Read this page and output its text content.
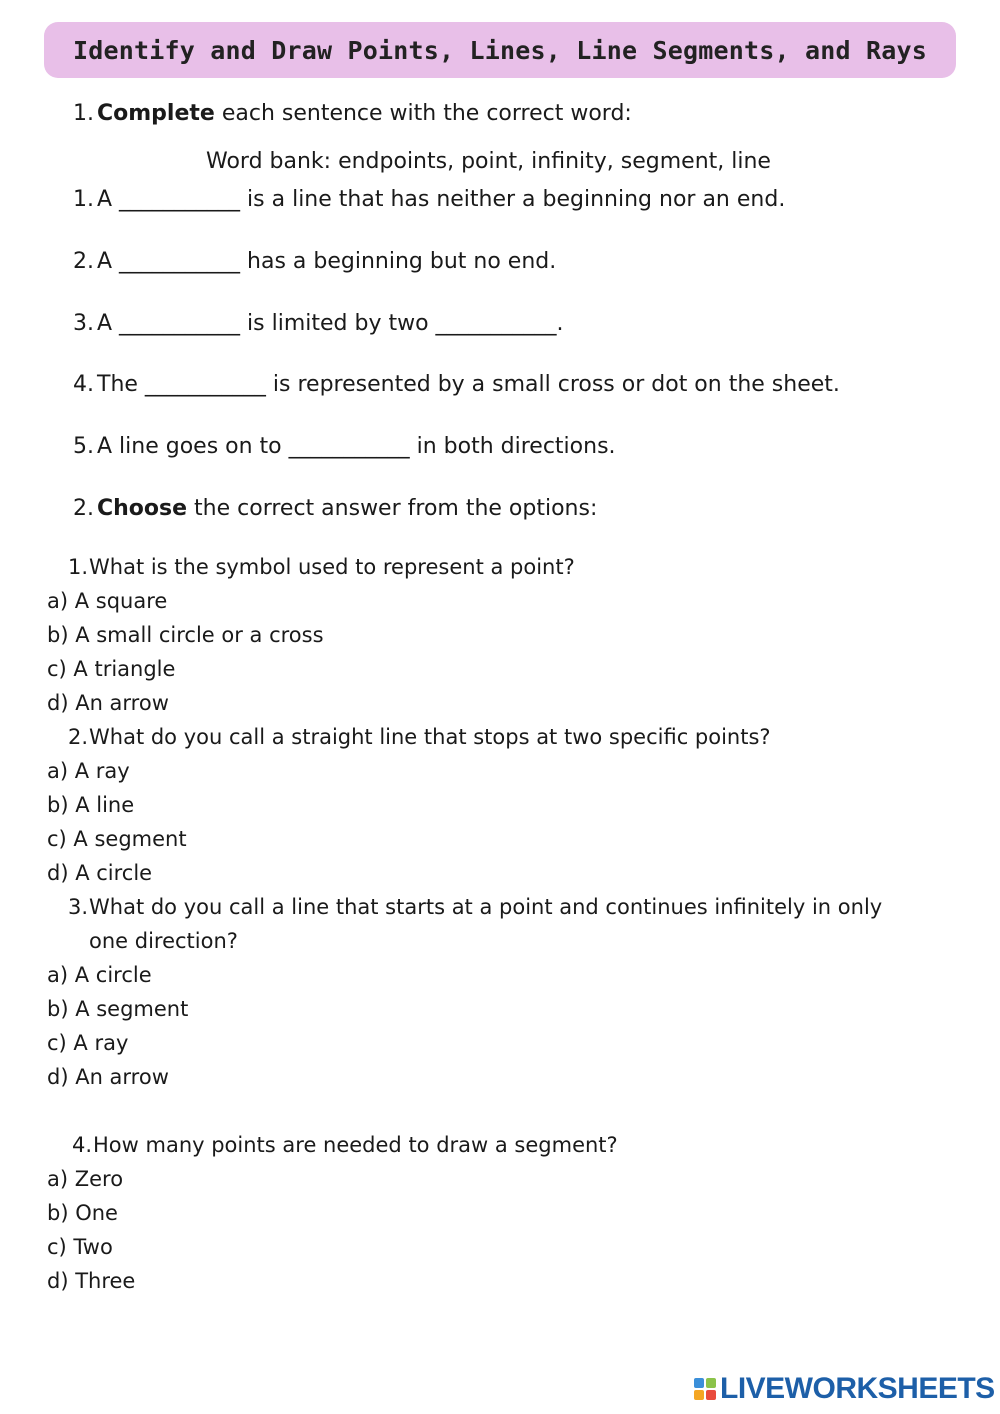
Identify and Draw Points, Lines, Line Segments, and Rays
1. Complete each sentence with the correct word:
Word bank: endpoints, point, infinity, segment, line
1. A ___________ is a line that has neither a beginning nor an end.
2. A ___________ has a beginning but no end.
3. A ___________ is limited by two ___________.
4. The ___________ is represented by a small cross or dot on the sheet.
5. A line goes on to ___________ in both directions.
2. Choose the correct answer from the options:
1.What is the symbol used to represent a point?
a) A square
b) A small circle or a cross
c) A triangle
d) An arrow
2.What do you call a straight line that stops at two specific points?
a) A ray
b) A line
c) A segment
d) A circle
3.What do you call a line that starts at a point and continues infinitely in only
one direction?
a) A circle
b) A segment
c) A ray
d) An arrow
4.How many points are needed to draw a segment?
a) Zero
b) One
c) Two
d) Three
LIVEWORKSHEETS
